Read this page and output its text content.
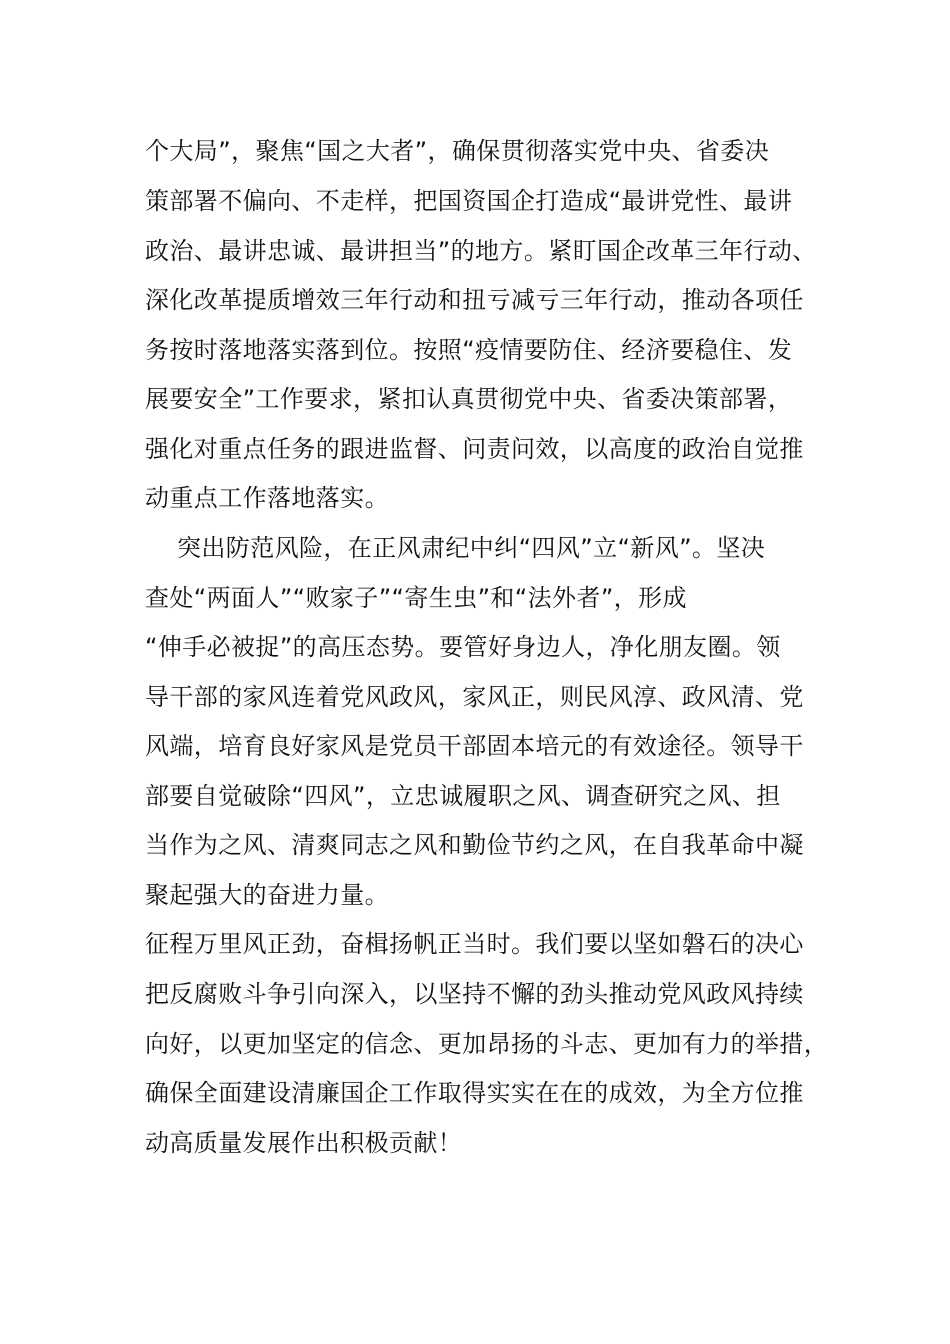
个大局”，聚焦“国之大者”，确保贯彻落实党中央、省委决
策部署不偏向、不走样，把国资国企打造成“最讲党性、最讲
政治、最讲忠诚、最讲担当”的地方。紧盯国企改革三年行动、
深化改革提质增效三年行动和扭亏减亏三年行动，推动各项任
务按时落地落实落到位。按照“疫情要防住、经济要稳住、发
展要安全”工作要求，紧扣认真贯彻党中央、省委决策部署，
强化对重点任务的跟进监督、问责问效，以高度的政治自觉推
动重点工作落地落实。
突出防范风险，在正风肃纪中纠“四风”立“新风”。坚决
查处“两面人”“败家子”“寄生虫”和“法外者”，形成
“伸手必被捉”的高压态势。要管好身边人，净化朋友圈。领
导干部的家风连着党风政风，家风正，则民风淳、政风清、党
风端，培育良好家风是党员干部固本培元的有效途径。领导干
部要自觉破除“四风”，立忠诚履职之风、调查研究之风、担
当作为之风、清爽同志之风和勤俭节约之风，在自我革命中凝
聚起强大的奋进力量。
征程万里风正劲，奋楫扬帆正当时。我们要以坚如磐石的决心
把反腐败斗争引向深入，以坚持不懈的劲头推动党风政风持续
向好，以更加坚定的信念、更加昂扬的斗志、更加有力的举措，
确保全面建设清廉国企工作取得实实在在的成效，为全方位推
动高质量发展作出积极贡献！
